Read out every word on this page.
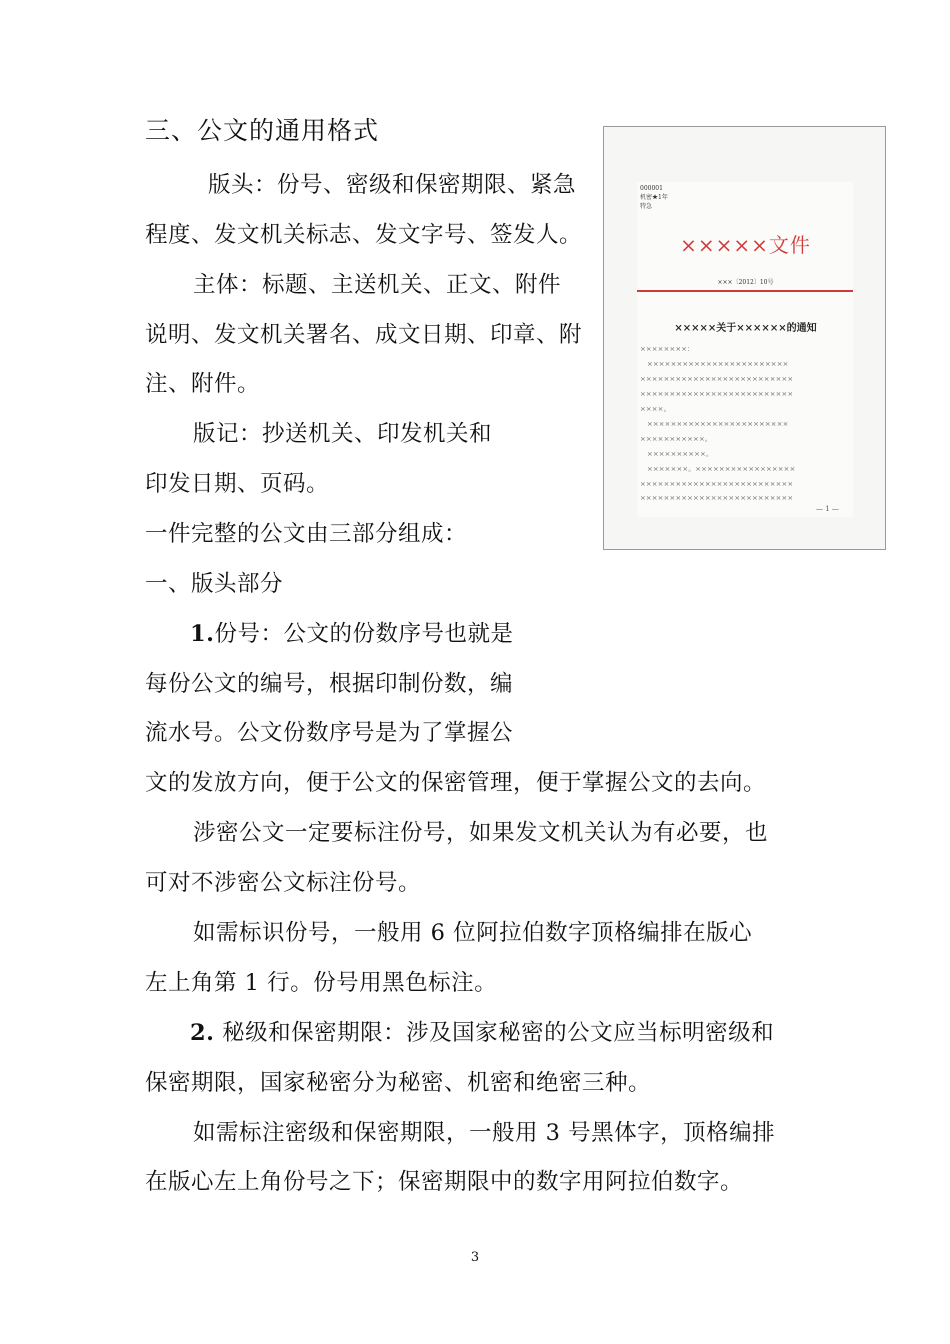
三、公文的通用格式
版头：份号、密级和保密期限、紧急
程度、发文机关标志、发文字号、签发人。
主体：标题、主送机关、正文、附件
说明、发文机关署名、成文日期、印章、附
注、附件。
版记：抄送机关、印发机关和
印发日期、页码。
一件完整的公文由三部分组成：
一、版头部分
1.份号：公文的份数序号也就是
每份公文的编号，根据印制份数，编
流水号。公文份数序号是为了掌握公
文的发放方向，便于公文的保密管理，便于掌握公文的去向。
涉密公文一定要标注份号，如果发文机关认为有必要，也
可对不涉密公文标注份号。
如需标识份号，一般用 6 位阿拉伯数字顶格编排在版心
左上角第 1 行。份号用黑色标注。
2. 秘级和保密期限：涉及国家秘密的公文应当标明密级和
保密期限，国家秘密分为秘密、机密和绝密三种。
如需标注密级和保密期限，一般用 3 号黑体字，顶格编排
在版心左上角份号之下；保密期限中的数字用阿拉伯数字。
000001
机密★1年
特急
×××××文件
×××〔2012〕10号
×××××关于××××××的通知
××××××××：
　××××××××××××××××××××××××
××××××××××××××××××××××××××
××××××××××××××××××××××××××
××××。
　××××××××××××××××××××××××
×××××××××××。
　××××××××××。
　×××××××。×××××××××××××××××
××××××××××××××××××××××××××
××××××××××××××××××××××××××
— 1 —
3
